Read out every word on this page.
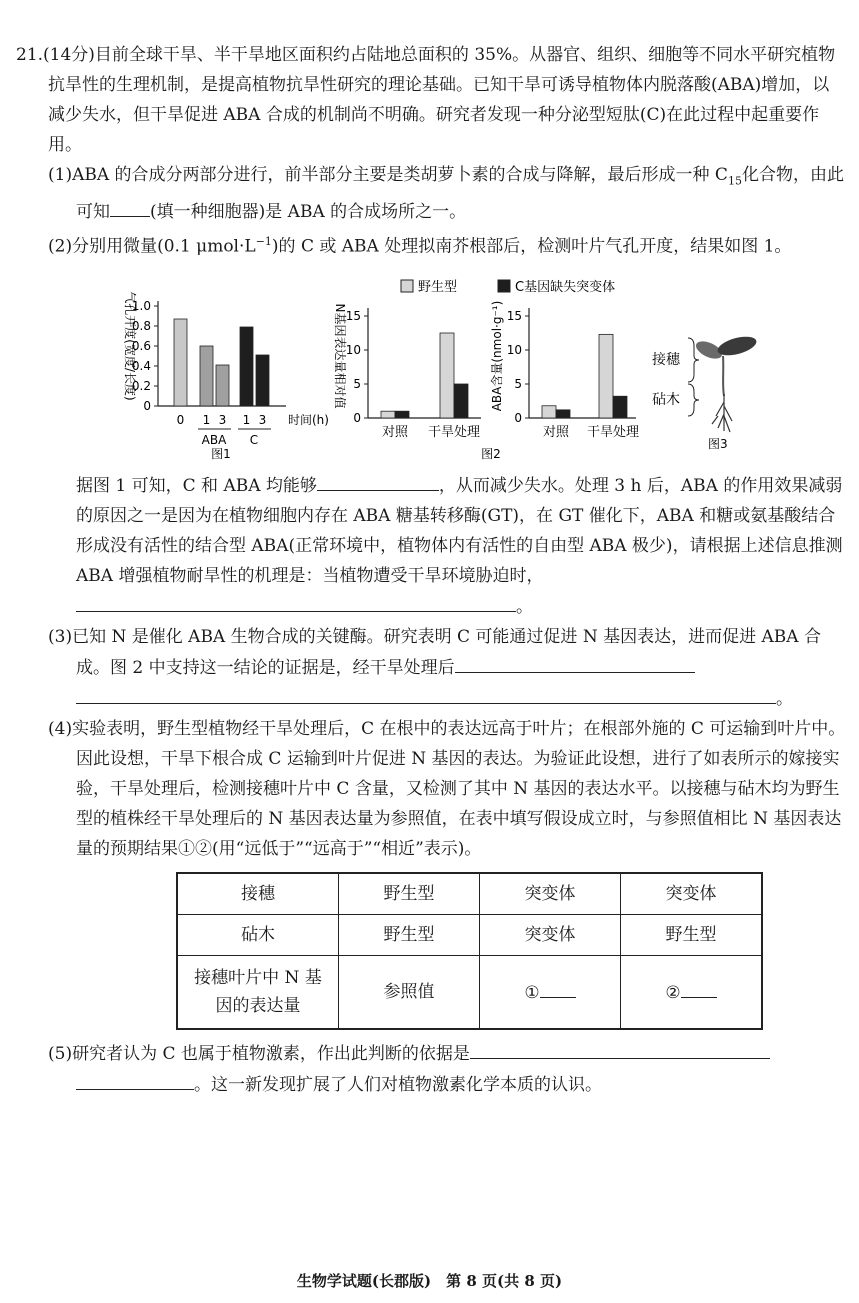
21.(14分)目前全球干旱、半干旱地区面积约占陆地总面积的 35%。从器官、组织、细胞等不同水平研究植物抗旱性的生理机制，是提高植物抗旱性研究的理论基础。已知干旱可诱导植物体内脱落酸(ABA)增加，以减少失水，但干旱促进 ABA 合成的机制尚不明确。研究者发现一种分泌型短肽(C)在此过程中起重要作用。

(1)ABA 的合成分两部分进行，前半部分主要是类胡萝卜素的合成与降解，最后形成一种 $C_{15}$化合物，由此可知 (填一种细胞器)是 ABA 的合成场所之一。

(2)分别用微量(0.1 $\mu mol\cdot L^{-1}$)的 C 或 ABA 处理拟南芥根部后，检测叶片气孔开度，结果如图 1。

气孔开度(宽度/长度)
0
0.2
0.4
0.6
0.8
1.0
0 1 3 1 3
ABA C
时间(h)
图1
野生型	C基因缺失突变体
N基因表达量相对值
0
5
10
15
对照 干旱处理
图2
ABA含量(nmol·g⁻¹)
0
5
10
15
对照 干旱处理
接穗
砧木
图3

据图 1 可知，C 和 ABA 均能够	，从而减少失水。处理 3 h 后，ABA 的作用效果减弱的原因之一是因为在植物细胞内存在 ABA 糖基转移酶(GT)，在 GT 催化下，ABA 和糖或氨基酸结合形成没有活性的结合型 ABA(正常环境中，植物体内有活性的自由型 ABA 极少)，请根据上述信息推测 ABA 增强植物耐旱性的机理是：当植物遭受干旱环境胁迫时，。

(3)已知 N 是催化 ABA 生物合成的关键酶。研究表明 C 可能通过促进 N 基因表达，进而促进 ABA 合成。图 2 中支持这一结论的证据是，经干旱处理后
。

(4)实验表明，野生型植物经干旱处理后，C 在根中的表达远高于叶片；在根部外施的 C 可运输到叶片中。因此设想，干旱下根合成 C 运输到叶片促进 N 基因的表达。为验证此设想，进行了如表所示的嫁接实验，干旱处理后，检测接穗叶片中 C 含量，又检测了其中 N 基因的表达水平。以接穗与砧木均为野生型的植株经干旱处理后的 N 基因表达量为参照值，在表中填写假设成立时，与参照值相比 N 基因表达量的预期结果①②(用“远低于”“远高于”“相近”表示)。

接穗	野生型	突变体	突变体
砧木	野生型	突变体	野生型
接穗叶片中 N 基因的表达量	参照值	①	②

(5)研究者认为 C 也属于植物激素，作出此判断的依据是
。这一新发现扩展了人们对植物激素化学本质的认识。

生物学试题(长郡版)　第 8 页(共 8 页)
